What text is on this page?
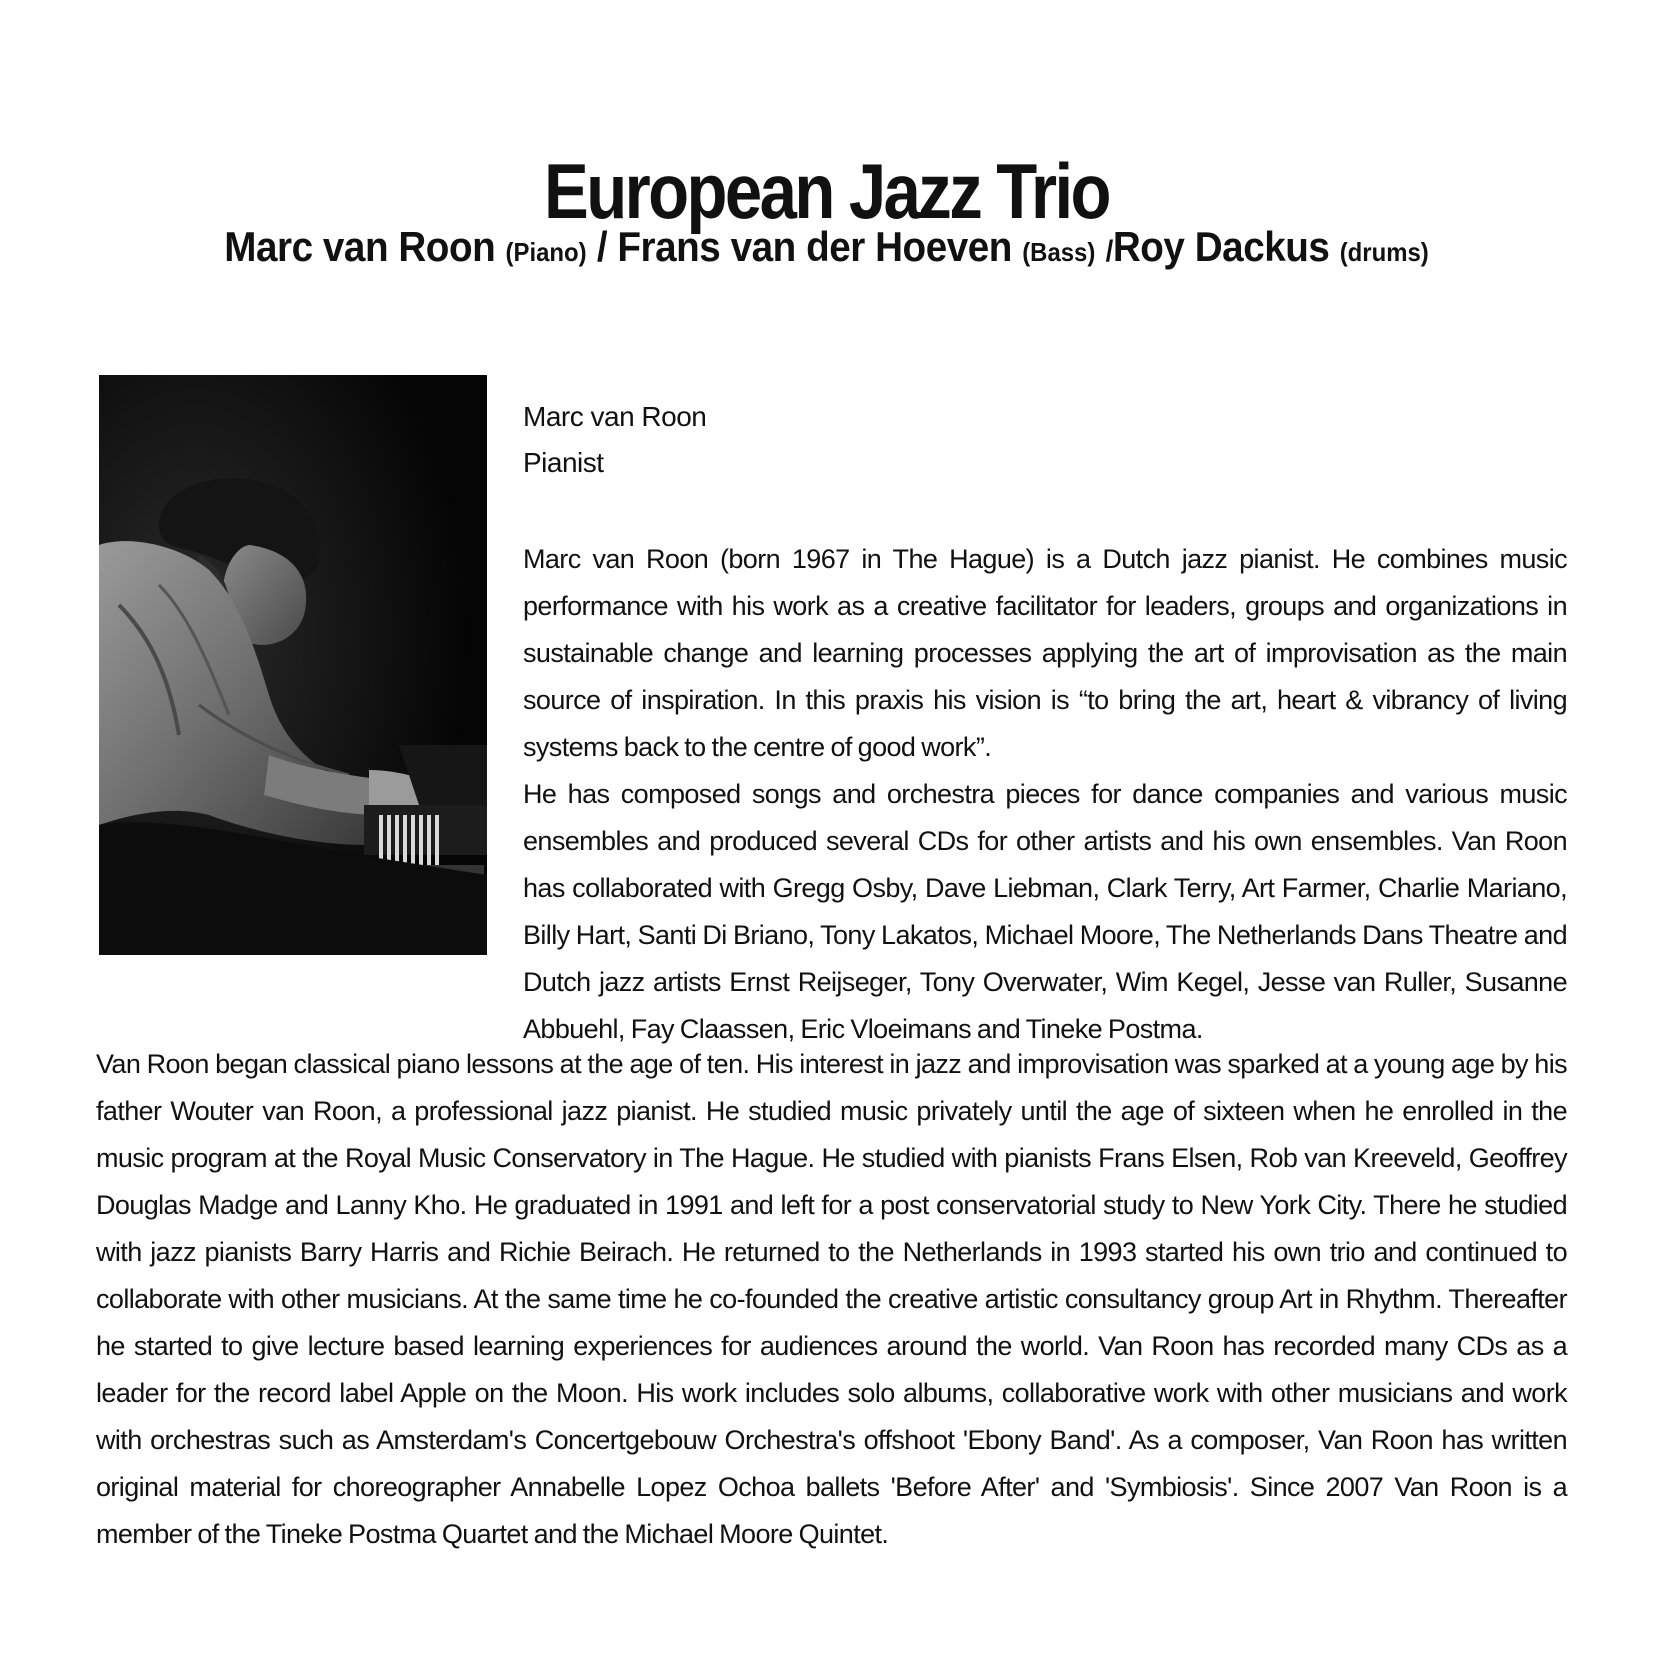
European Jazz Trio
Marc van Roon (Piano) / Frans van der Hoeven (Bass) /Roy Dackus (drums)
Marc van Roon
Pianist

Marc van Roon (born 1967 in The Hague) is a Dutch jazz pianist. He combines music performance with his work as a creative facilitator for leaders, groups and organizations in sustainable change and learning processes applying the art of improvisation as the main source of inspiration. In this praxis his vision is “to bring the art, heart & vibrancy of living systems back to the centre of good work”.

He has composed songs and orchestra pieces for dance companies and various music ensembles and produced several CDs for other artists and his own ensembles. Van Roon has collaborated with Gregg Osby, Dave Liebman, Clark Terry, Art Farmer, Charlie Mariano, Billy Hart, Santi Di Briano, Tony Lakatos, Michael Moore, The Netherlands Dans Theatre and Dutch jazz artists Ernst Reijseger, Tony Overwater, Wim Kegel, Jesse van Ruller, Susanne Abbuehl, Fay Claassen, Eric Vloeimans and Tineke Postma.

Van Roon began classical piano lessons at the age of ten. His interest in jazz and improvisation was sparked at a young age by his father Wouter van Roon, a professional jazz pianist. He studied music privately until the age of sixteen when he enrolled in the music program at the Royal Music Conservatory in The Hague. He studied with pianists Frans Elsen, Rob van Kreeveld, Geoffrey Douglas Madge and Lanny Kho. He graduated in 1991 and left for a post conservatorial study to New York City. There he studied with jazz pianists Barry Harris and Richie Beirach. He returned to the Netherlands in 1993 started his own trio and continued to collaborate with other musicians. At the same time he co-founded the creative artistic consultancy group Art in Rhythm. Thereafter he started to give lecture based learning experiences for audiences around the world. Van Roon has recorded many CDs as a leader for the record label Apple on the Moon. His work includes solo albums, collaborative work with other musicians and work with orchestras such as Amsterdam's Concertgebouw Orchestra's offshoot 'Ebony Band'. As a composer, Van Roon has written original material for choreographer Annabelle Lopez Ochoa ballets 'Before After' and 'Symbiosis'. Since 2007 Van Roon is a member of the Tineke Postma Quartet and the Michael Moore Quintet.
